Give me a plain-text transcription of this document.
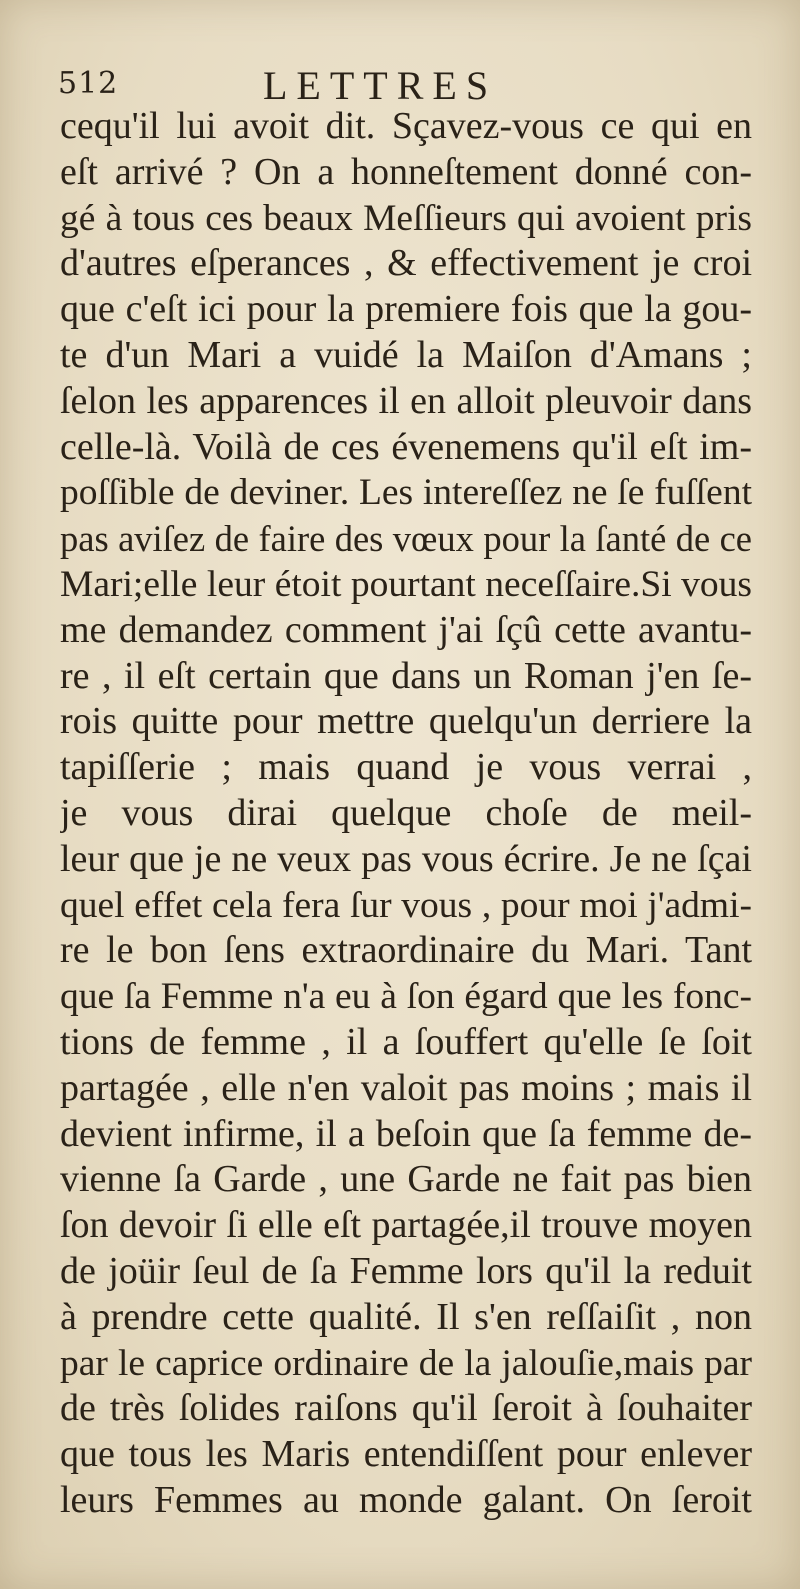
512	LETTRES
cequ'il lui avoit dit. Sçavez-vous ce qui en
eſt arrivé ? On a honneſtement donné con-
gé à tous ces beaux Meſſieurs qui avoient pris
d'autres eſperances , & effectivement je croi
que c'eſt ici pour la premiere fois que la gou-
te d'un Mari a vuidé la Maiſon d'Amans ;
ſelon les apparences il en alloit pleuvoir dans
celle-là. Voilà de ces évenemens qu'il eſt im-
poſſible de deviner. Les intereſſez ne ſe fuſſent
pas aviſez de faire des vœux pour la ſanté de ce
Mari;elle leur étoit pourtant neceſſaire.Si vous
me demandez comment j'ai ſçû cette avantu-
re , il eſt certain que dans un Roman j'en ſe-
rois quitte pour mettre quelqu'un derriere la
tapiſſerie ; mais quand je vous verrai ,
je vous dirai quelque choſe de meil-
leur que je ne veux pas vous écrire. Je ne ſçai
quel effet cela fera ſur vous , pour moi j'admi-
re le bon ſens extraordinaire du Mari. Tant
que ſa Femme n'a eu à ſon égard que les fonc-
tions de femme , il a ſouffert qu'elle ſe ſoit
partagée , elle n'en valoit pas moins ; mais il
devient infirme, il a beſoin que ſa femme de-
vienne ſa Garde , une Garde ne fait pas bien
ſon devoir ſi elle eſt partagée,il trouve moyen
de joüir ſeul de ſa Femme lors qu'il la reduit
à prendre cette qualité. Il s'en reſſaiſit , non
par le caprice ordinaire de la jalouſie,mais par
de très ſolides raiſons qu'il ſeroit à ſouhaiter
que tous les Maris entendiſſent pour enlever
leurs Femmes au monde galant. On ſeroit
